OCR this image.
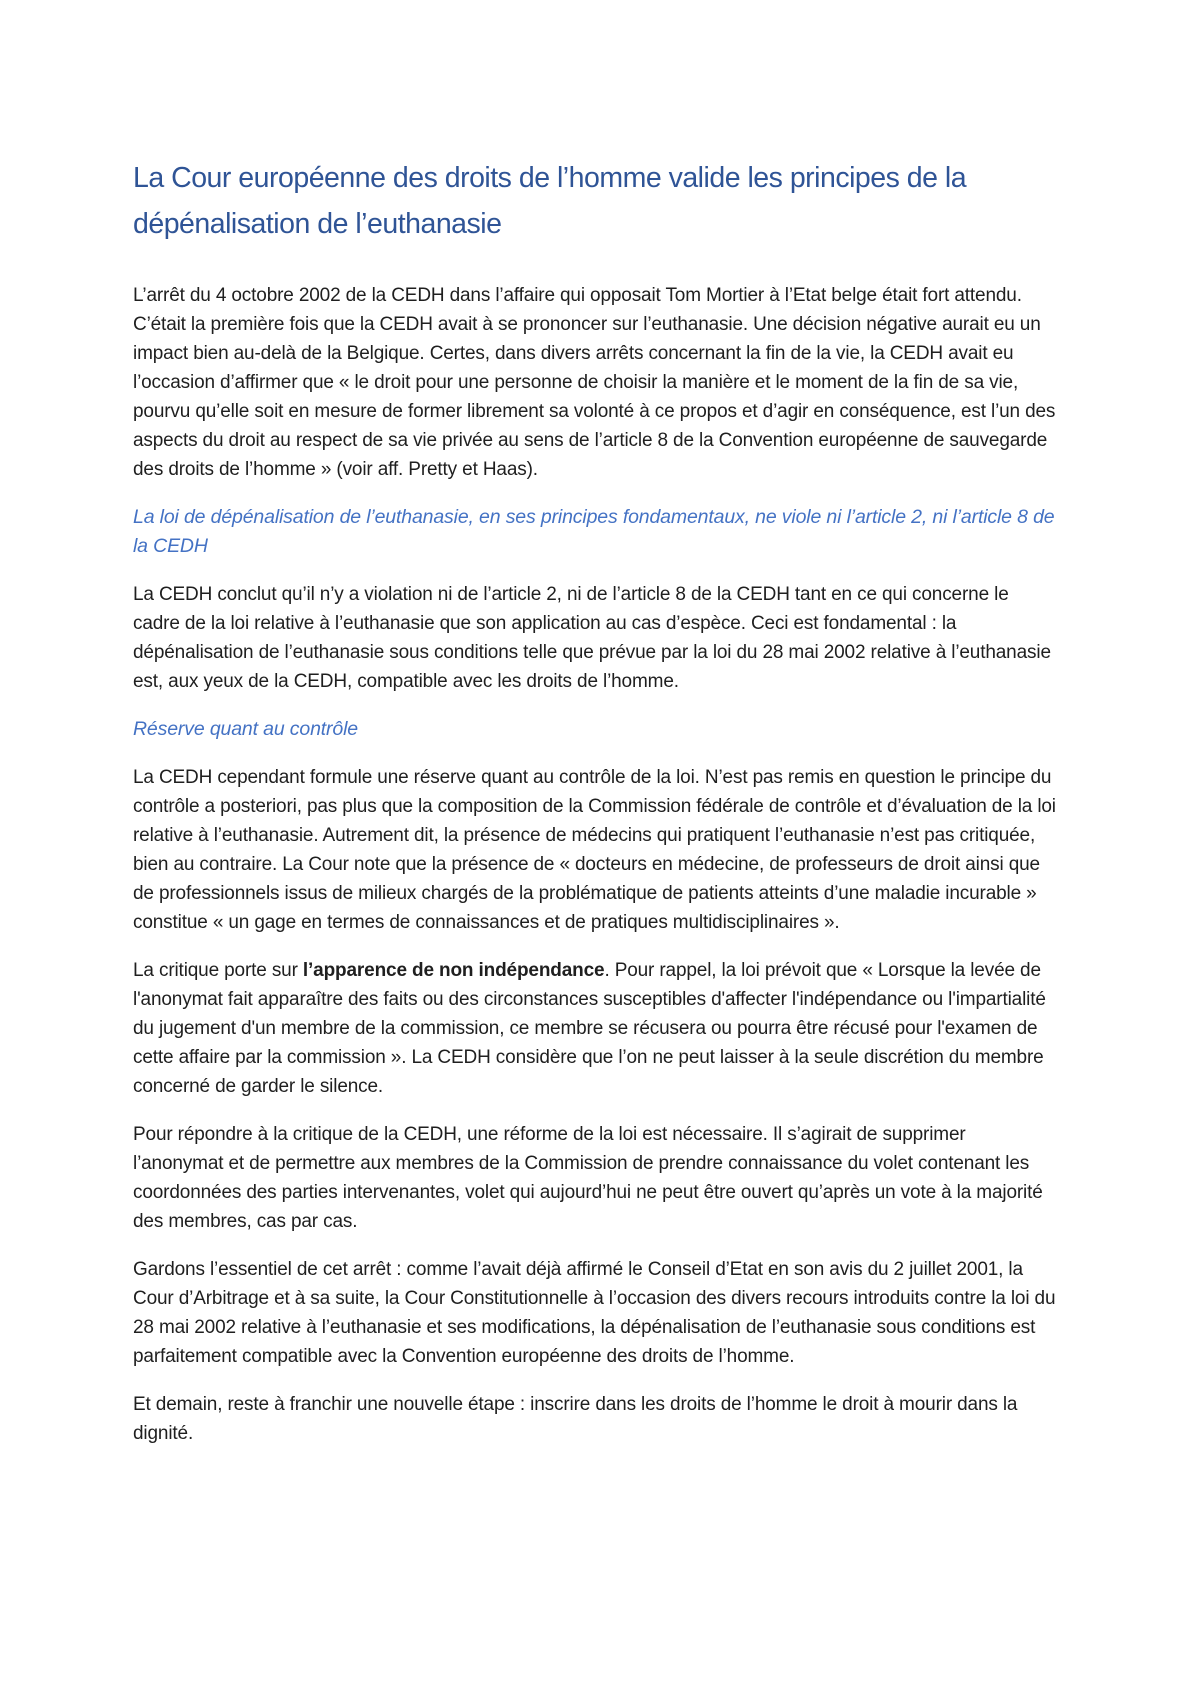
La Cour européenne des droits de l’homme valide les principes de la dépénalisation de l’euthanasie

L’arrêt du 4 octobre 2002 de la CEDH dans l’affaire qui opposait Tom Mortier à l’Etat belge était fort attendu. C’était la première fois que la CEDH avait à se prononcer sur l’euthanasie. Une décision négative aurait eu un impact bien au-delà de la Belgique. Certes, dans divers arrêts concernant la fin de la vie, la CEDH avait eu l’occasion d’affirmer que « le droit pour une personne de choisir la manière et le moment de la fin de sa vie, pourvu qu’elle soit en mesure de former librement sa volonté à ce propos et d’agir en conséquence, est l’un des aspects du droit au respect de sa vie privée au sens de l’article 8 de la Convention européenne de sauvegarde des droits de l’homme » (voir aff. Pretty et Haas).

La loi de dépénalisation de l’euthanasie, en ses principes fondamentaux, ne viole ni l’article 2, ni l’article 8 de la CEDH

La CEDH conclut qu’il n’y a violation ni de l’article 2, ni de l’article 8 de la CEDH tant en ce qui concerne le cadre de la loi relative à l’euthanasie que son application au cas d’espèce. Ceci est fondamental : la dépénalisation de l’euthanasie sous conditions telle que prévue par la loi du 28 mai 2002 relative à l’euthanasie est, aux yeux de la CEDH, compatible avec les droits de l’homme.

Réserve quant au contrôle

La CEDH cependant formule une réserve quant au contrôle de la loi. N’est pas remis en question le principe du contrôle a posteriori, pas plus que la composition de la Commission fédérale de contrôle et d’évaluation de la loi relative à l’euthanasie. Autrement dit, la présence de médecins qui pratiquent l’euthanasie n’est pas critiquée, bien au contraire. La Cour note que la présence de « docteurs en médecine, de professeurs de droit ainsi que de professionnels issus de milieux chargés de la problématique de patients atteints d’une maladie incurable » constitue « un gage en termes de connaissances et de pratiques multidisciplinaires ».

La critique porte sur l’apparence de non indépendance. Pour rappel, la loi prévoit que « Lorsque la levée de l'anonymat fait apparaître des faits ou des circonstances susceptibles d'affecter l'indépendance ou l'impartialité du jugement d'un membre de la commission, ce membre se récusera ou pourra être récusé pour l'examen de cette affaire par la commission ». La CEDH considère que l’on ne peut laisser à la seule discrétion du membre concerné de garder le silence.

Pour répondre à la critique de la CEDH, une réforme de la loi est nécessaire. Il s’agirait de supprimer l’anonymat et de permettre aux membres de la Commission de prendre connaissance du volet contenant les coordonnées des parties intervenantes, volet qui aujourd’hui ne peut être ouvert qu’après un vote à la majorité des membres, cas par cas.

Gardons l’essentiel de cet arrêt : comme l’avait déjà affirmé le Conseil d’Etat en son avis du 2 juillet 2001, la Cour d’Arbitrage et à sa suite, la Cour Constitutionnelle à l’occasion des divers recours introduits contre la loi du 28 mai 2002 relative à l’euthanasie et ses modifications, la dépénalisation de l’euthanasie sous conditions est parfaitement compatible avec la Convention européenne des droits de l’homme.

Et demain, reste à franchir une nouvelle étape : inscrire dans les droits de l’homme le droit à mourir dans la dignité.
